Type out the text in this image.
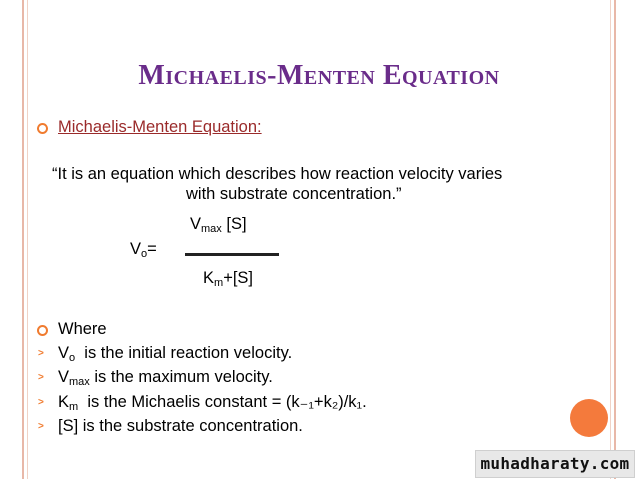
Michaelis-Menten Equation
Michaelis-Menten Equation:
“It is an equation which describes how reaction velocity varies
with substrate concentration.”
$V_{max}$ [S]
$V_o=$
$K_m+[S]$
Where
> $V_o$  is the initial reaction velocity.
> $V_{max}$ is the maximum velocity.
> $K_m$  is the Michaelis constant = (k₋₁+k₂)/k₁.
> [S] is the substrate concentration.
muhadharaty.com
